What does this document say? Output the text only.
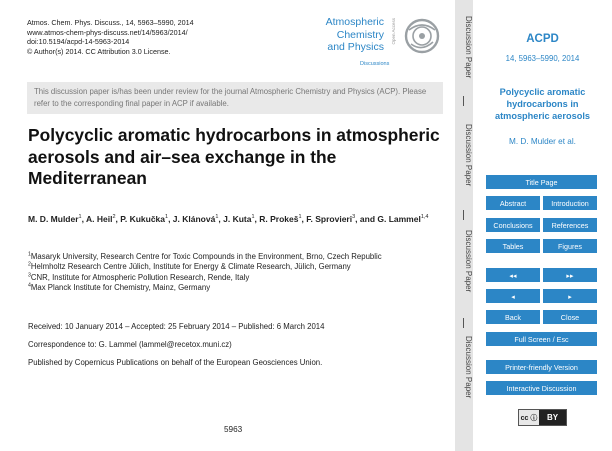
Atmos. Chem. Phys. Discuss., 14, 5963–5990, 2014
www.atmos-chem-phys-discuss.net/14/5963/2014/
doi:10.5194/acpd-14-5963-2014
© Author(s) 2014. CC Attribution 3.0 License.
Atmospheric
Chemistry
and Physics
Open Access
Discussions
This discussion paper is/has been under review for the journal Atmospheric Chemistry and Physics (ACP). Please refer to the corresponding final paper in ACP if available.
Polycyclic aromatic hydrocarbons in atmospheric aerosols and air–sea exchange in the Mediterranean
M. D. Mulder$^1$, A. Heil$^2$, P. Kukučka$^1$, J. Klánová$^1$, J. Kuta$^1$, R. Prokeš$^1$, F. Sprovieri$^3$, and G. Lammel$^{1,4}$
$^1$Masaryk University, Research Centre for Toxic Compounds in the Environment, Brno, Czech Republic
$^2$Helmholtz Research Centre Jülich, Institute for Energy & Climate Research, Jülich, Germany
$^3$CNR, Institute for Atmospheric Pollution Research, Rende, Italy
$^4$Max Planck Institute for Chemistry, Mainz, Germany
Received: 10 January 2014 – Accepted: 25 February 2014 – Published: 6 March 2014
Correspondence to: G. Lammel (lammel@recetox.muni.cz)
Published by Copernicus Publications on behalf of the European Geosciences Union.
5963
Discussion Paper
Discussion Paper
Discussion Paper
Discussion Paper
ACPD
14, 5963–5990, 2014
Polycyclic aromatic hydrocarbons in atmospheric aerosols
M. D. Mulder et al.
Title Page
Abstract	Introduction
Conclusions	References
Tables	Figures
◂◂	▸▸
◂	▸
Back	Close
Full Screen / Esc
Printer-friendly Version
Interactive Discussion
cc ⓘ	BY
